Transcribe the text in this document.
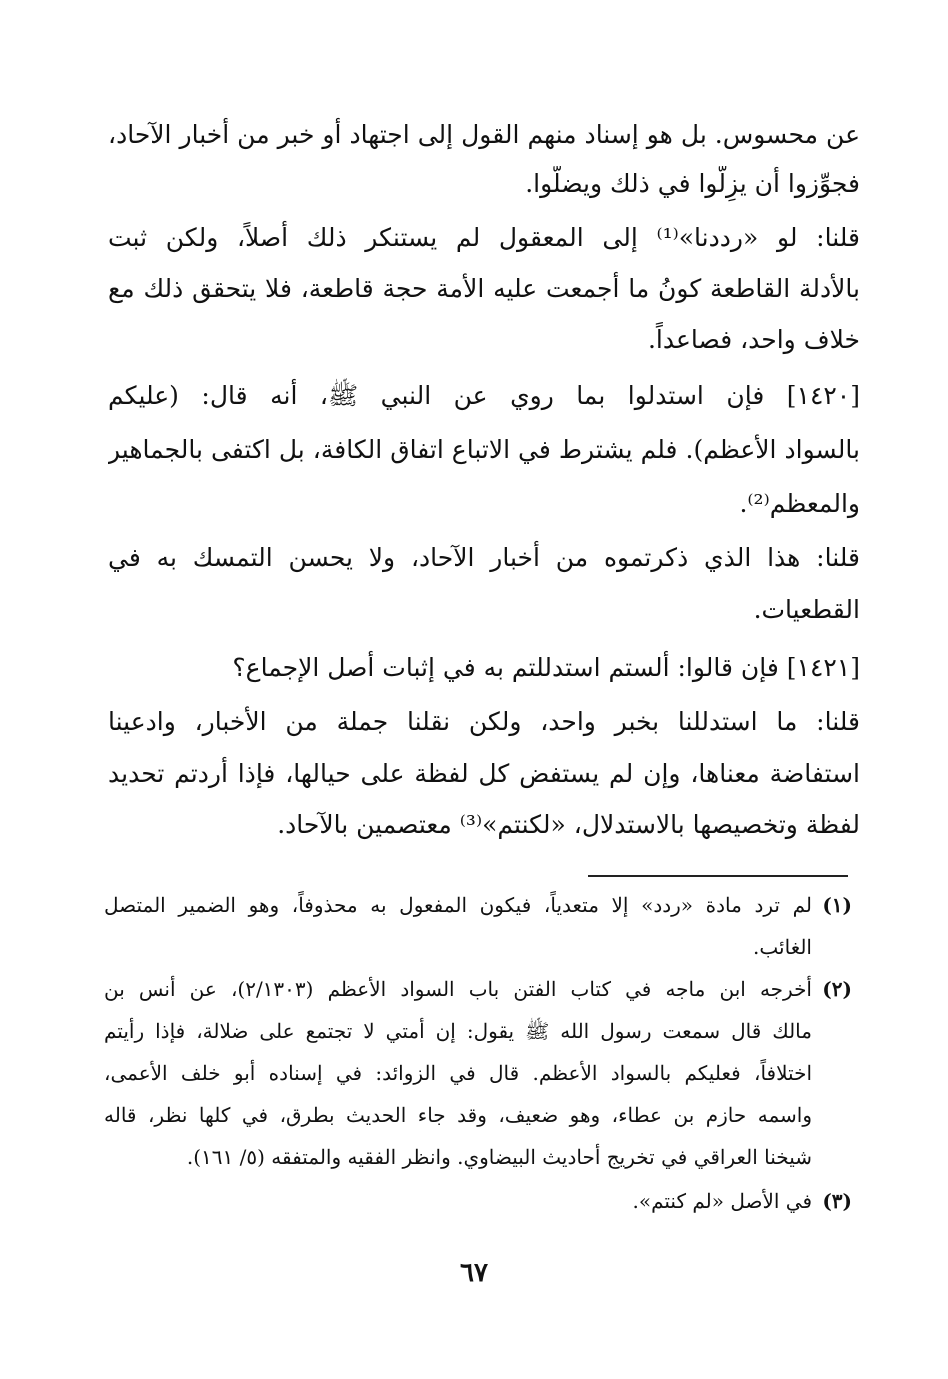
عن محسوس. بل هو إسناد منهم القول إلى اجتهاد أو خبر من أخبار الآحاد،
فجوِّزوا أن يزِلّوا في ذلك ويضلّوا.
قلنا: لو «رددنا»⁽¹⁾ إلى المعقول لم يستنكر ذلك أصلاً، ولكن ثبت
بالأدلة القاطعة كونُ ما أجمعت عليه الأمة حجة قاطعة، فلا يتحقق ذلك مع
خلاف واحد، فصاعداً.
[١٤٢٠] فإن استدلوا بما روي عن النبي ﷺ، أنه قال: (عليكم
بالسواد الأعظم). فلم يشترط في الاتباع اتفاق الكافة، بل اكتفى بالجماهير
والمعظم⁽²⁾.
قلنا: هذا الذي ذكرتموه من أخبار الآحاد، ولا يحسن التمسك به في
القطعيات.
[١٤٢١] فإن قالوا: ألستم استدللتم به في إثبات أصل الإجماع؟
قلنا: ما استدللنا بخبر واحد، ولكن نقلنا جملة من الأخبار، وادعينا
استفاضة معناها، وإن لم يستفض كل لفظة على حيالها، فإذا أردتم تحديد
لفظة وتخصيصها بالاستدلال، «لكنتم»⁽³⁾ معتصمين بالآحاد.
(١)لم ترد مادة «ردد» إلا متعدياً، فيكون المفعول به محذوفاً، وهو الضمير المتصل
الغائب.
(٢)أخرجه ابن ماجه في كتاب الفتن باب السواد الأعظم (٢/١٣٠٣)، عن أنس بن
مالك قال سمعت رسول الله ﷺ يقول: إن أمتي لا تجتمع على ضلالة، فإذا رأيتم
اختلافاً، فعليكم بالسواد الأعظم. قال في الزوائد: في إسناده أبو خلف الأعمى،
واسمه حازم بن عطاء، وهو ضعيف، وقد جاء الحديث بطرق، في كلها نظر، قاله
شيخنا العراقي في تخريج أحاديث البيضاوي. وانظر الفقيه والمتفقه (٥/ ١٦١).
(٣)في الأصل «لم كنتم».
٦٧
